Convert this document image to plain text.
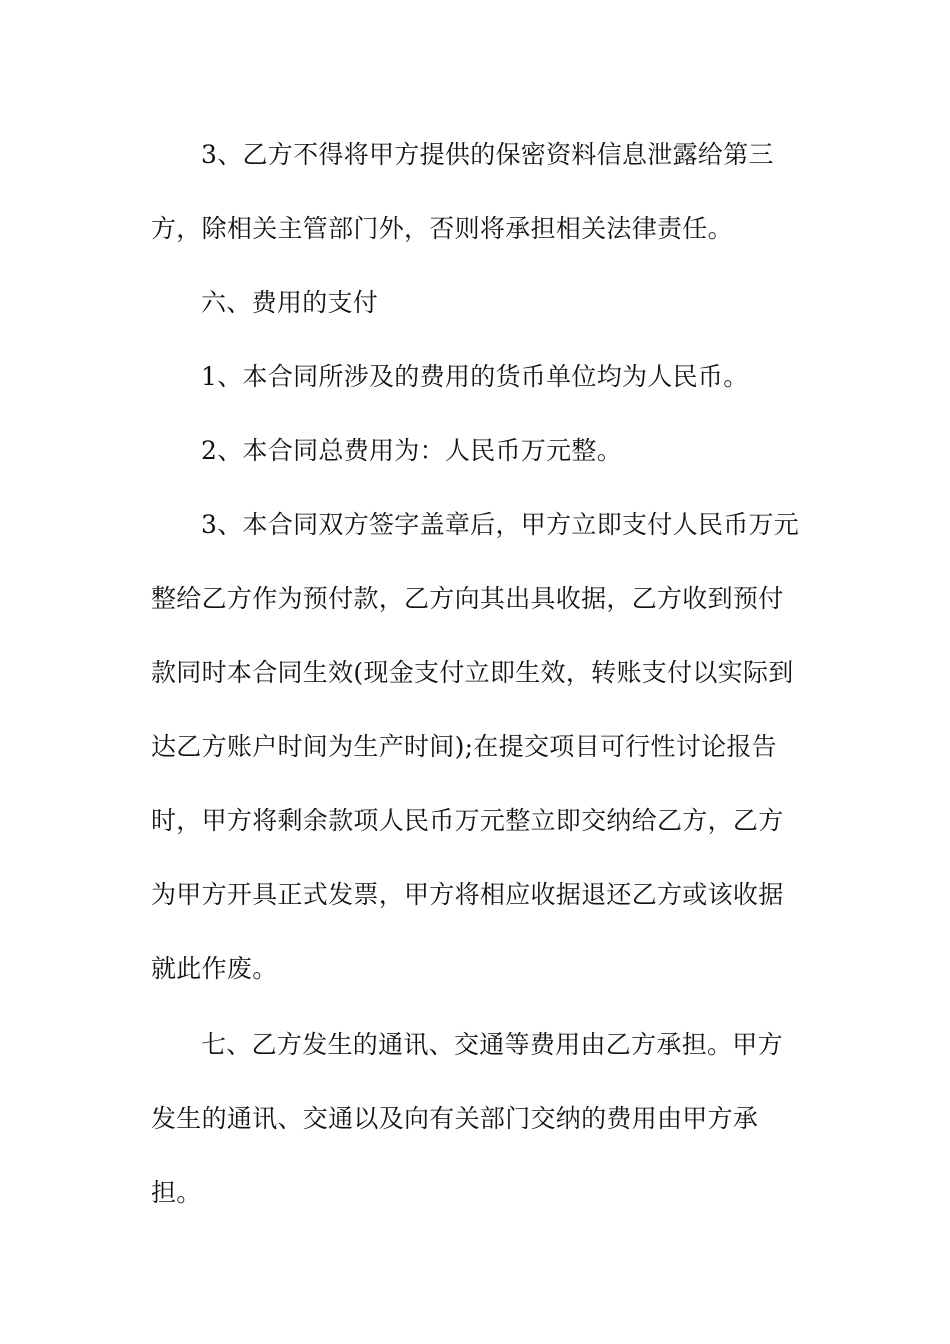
3、乙方不得将甲方提供的保密资料信息泄露给第三
方，除相关主管部门外，否则将承担相关法律责任。
六、费用的支付
1、本合同所涉及的费用的货币单位均为人民币。
2、本合同总费用为：人民币万元整。
3、本合同双方签字盖章后，甲方立即支付人民币万元
整给乙方作为预付款，乙方向其出具收据，乙方收到预付
款同时本合同生效(现金支付立即生效，转账支付以实际到
达乙方账户时间为生产时间);在提交项目可行性讨论报告
时，甲方将剩余款项人民币万元整立即交纳给乙方，乙方
为甲方开具正式发票，甲方将相应收据退还乙方或该收据
就此作废。
七、乙方发生的通讯、交通等费用由乙方承担。甲方
发生的通讯、交通以及向有关部门交纳的费用由甲方承
担。
